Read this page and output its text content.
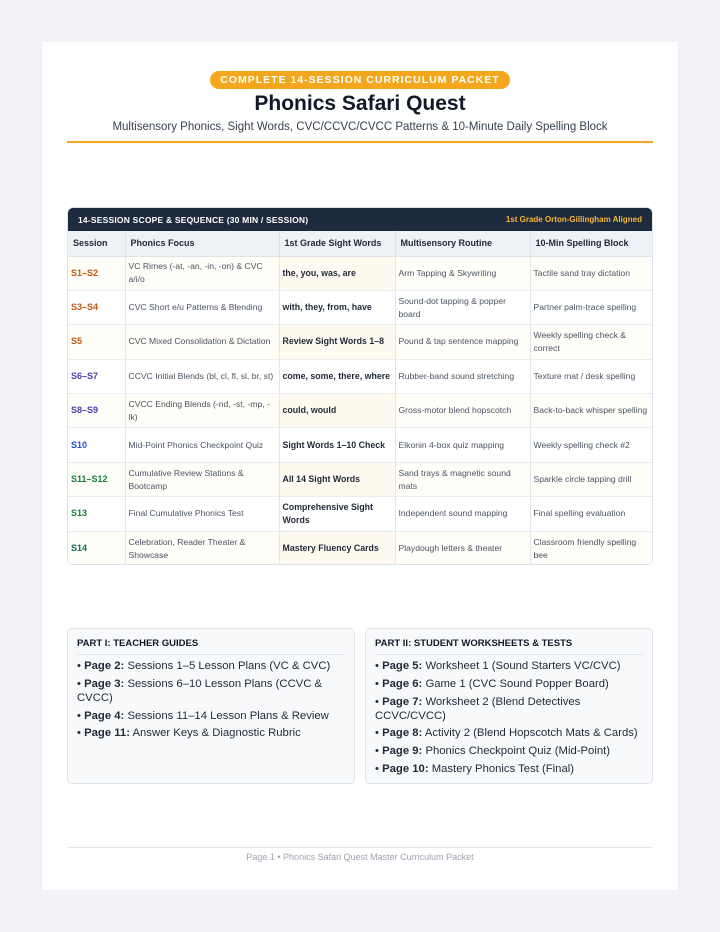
COMPLETE 14-SESSION CURRICULUM PACKET
Phonics Safari Quest
Multisensory Phonics, Sight Words, CVC/CCVC/CVCC Patterns & 10-Minute Daily Spelling Block
14-SESSION SCOPE & SEQUENCE (30 MIN / SESSION)	1st Grade Orton-Gillingham Aligned
Session	Phonics Focus	1st Grade Sight Words	Multisensory Routine	10-Min Spelling Block
S1–S2	VC Rimes (-at, -an, -in, -on) & CVC a/i/o	the, you, was, are	Arm Tapping & Skywriting	Tactile sand tray dictation
S3–S4	CVC Short e/u Patterns & Blending	with, they, from, have	Sound-dot tapping & popper board	Partner palm-trace spelling
S5	CVC Mixed Consolidation & Dictation	Review Sight Words 1–8	Pound & tap sentence mapping	Weekly spelling check & correct
S6–S7	CCVC Initial Blends (bl, cl, fl, sl, br, st)	come, some, there, where	Rubber-band sound stretching	Texture mat / desk spelling
S8–S9	CVCC Ending Blends (-nd, -st, -mp, -lk)	could, would	Gross-motor blend hopscotch	Back-to-back whisper spelling
S10	Mid-Point Phonics Checkpoint Quiz	Sight Words 1–10 Check	Elkonin 4-box quiz mapping	Weekly spelling check #2
S11–S12	Cumulative Review Stations & Bootcamp	All 14 Sight Words	Sand trays & magnetic sound mats	Sparkle circle tapping drill
S13	Final Cumulative Phonics Test	Comprehensive Sight Words	Independent sound mapping	Final spelling evaluation
S14	Celebration, Reader Theater & Showcase	Mastery Fluency Cards	Playdough letters & theater	Classroom friendly spelling bee
PART I: TEACHER GUIDES
• Page 2: Sessions 1–5 Lesson Plans (VC & CVC)
• Page 3: Sessions 6–10 Lesson Plans (CCVC & CVCC)
• Page 4: Sessions 11–14 Lesson Plans & Review
• Page 11: Answer Keys & Diagnostic Rubric
PART II: STUDENT WORKSHEETS & TESTS
• Page 5: Worksheet 1 (Sound Starters VC/CVC)
• Page 6: Game 1 (CVC Sound Popper Board)
• Page 7: Worksheet 2 (Blend Detectives CCVC/CVCC)
• Page 8: Activity 2 (Blend Hopscotch Mats & Cards)
• Page 9: Phonics Checkpoint Quiz (Mid-Point)
• Page 10: Mastery Phonics Test (Final)
Page 1 • Phonics Safari Quest Master Curriculum Packet
